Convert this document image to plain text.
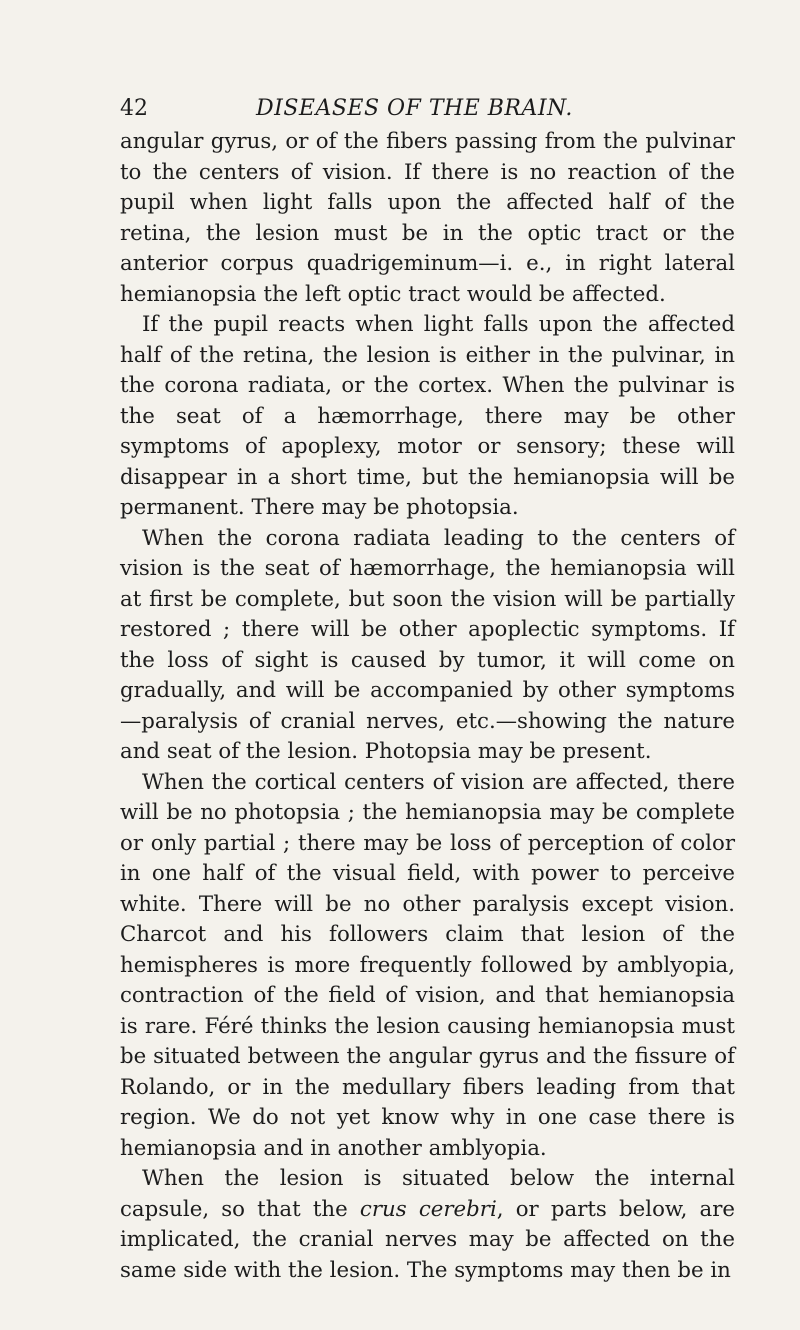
42	DISEASES OF THE BRAIN.

angular gyrus, or of the fibers passing from the pulvinar to the centers of vision. If there is no reaction of the pupil when light falls upon the affected half of the retina, the lesion must be in the optic tract or the anterior corpus quadrigeminum—i. e., in right lateral hemianopsia the left optic tract would be affected.

If the pupil reacts when light falls upon the affected half of the retina, the lesion is either in the pulvinar, in the corona radiata, or the cortex. When the pulvinar is the seat of a hæmorrhage, there may be other symptoms of apoplexy, motor or sensory; these will disappear in a short time, but the hemianopsia will be permanent. There may be photopsia.

When the corona radiata leading to the centers of vision is the seat of hæmorrhage, the hemianopsia will at first be complete, but soon the vision will be partially restored ; there will be other apoplectic symptoms. If the loss of sight is caused by tumor, it will come on gradually, and will be accompanied by other symptoms —paralysis of cranial nerves, etc.—showing the nature and seat of the lesion. Photopsia may be present.

When the cortical centers of vision are affected, there will be no photopsia ; the hemianopsia may be complete or only partial ; there may be loss of perception of color in one half of the visual field, with power to perceive white. There will be no other paralysis except vision. Charcot and his followers claim that lesion of the hemispheres is more frequently followed by amblyopia, contraction of the field of vision, and that hemianopsia is rare. Féré thinks the lesion causing hemianopsia must be situated between the angular gyrus and the fissure of Rolando, or in the medullary fibers leading from that region. We do not yet know why in one case there is hemianopsia and in another amblyopia.

When the lesion is situated below the internal capsule, so that the crus cerebri, or parts below, are implicated, the cranial nerves may be affected on the same side with the lesion. The symptoms may then be in
